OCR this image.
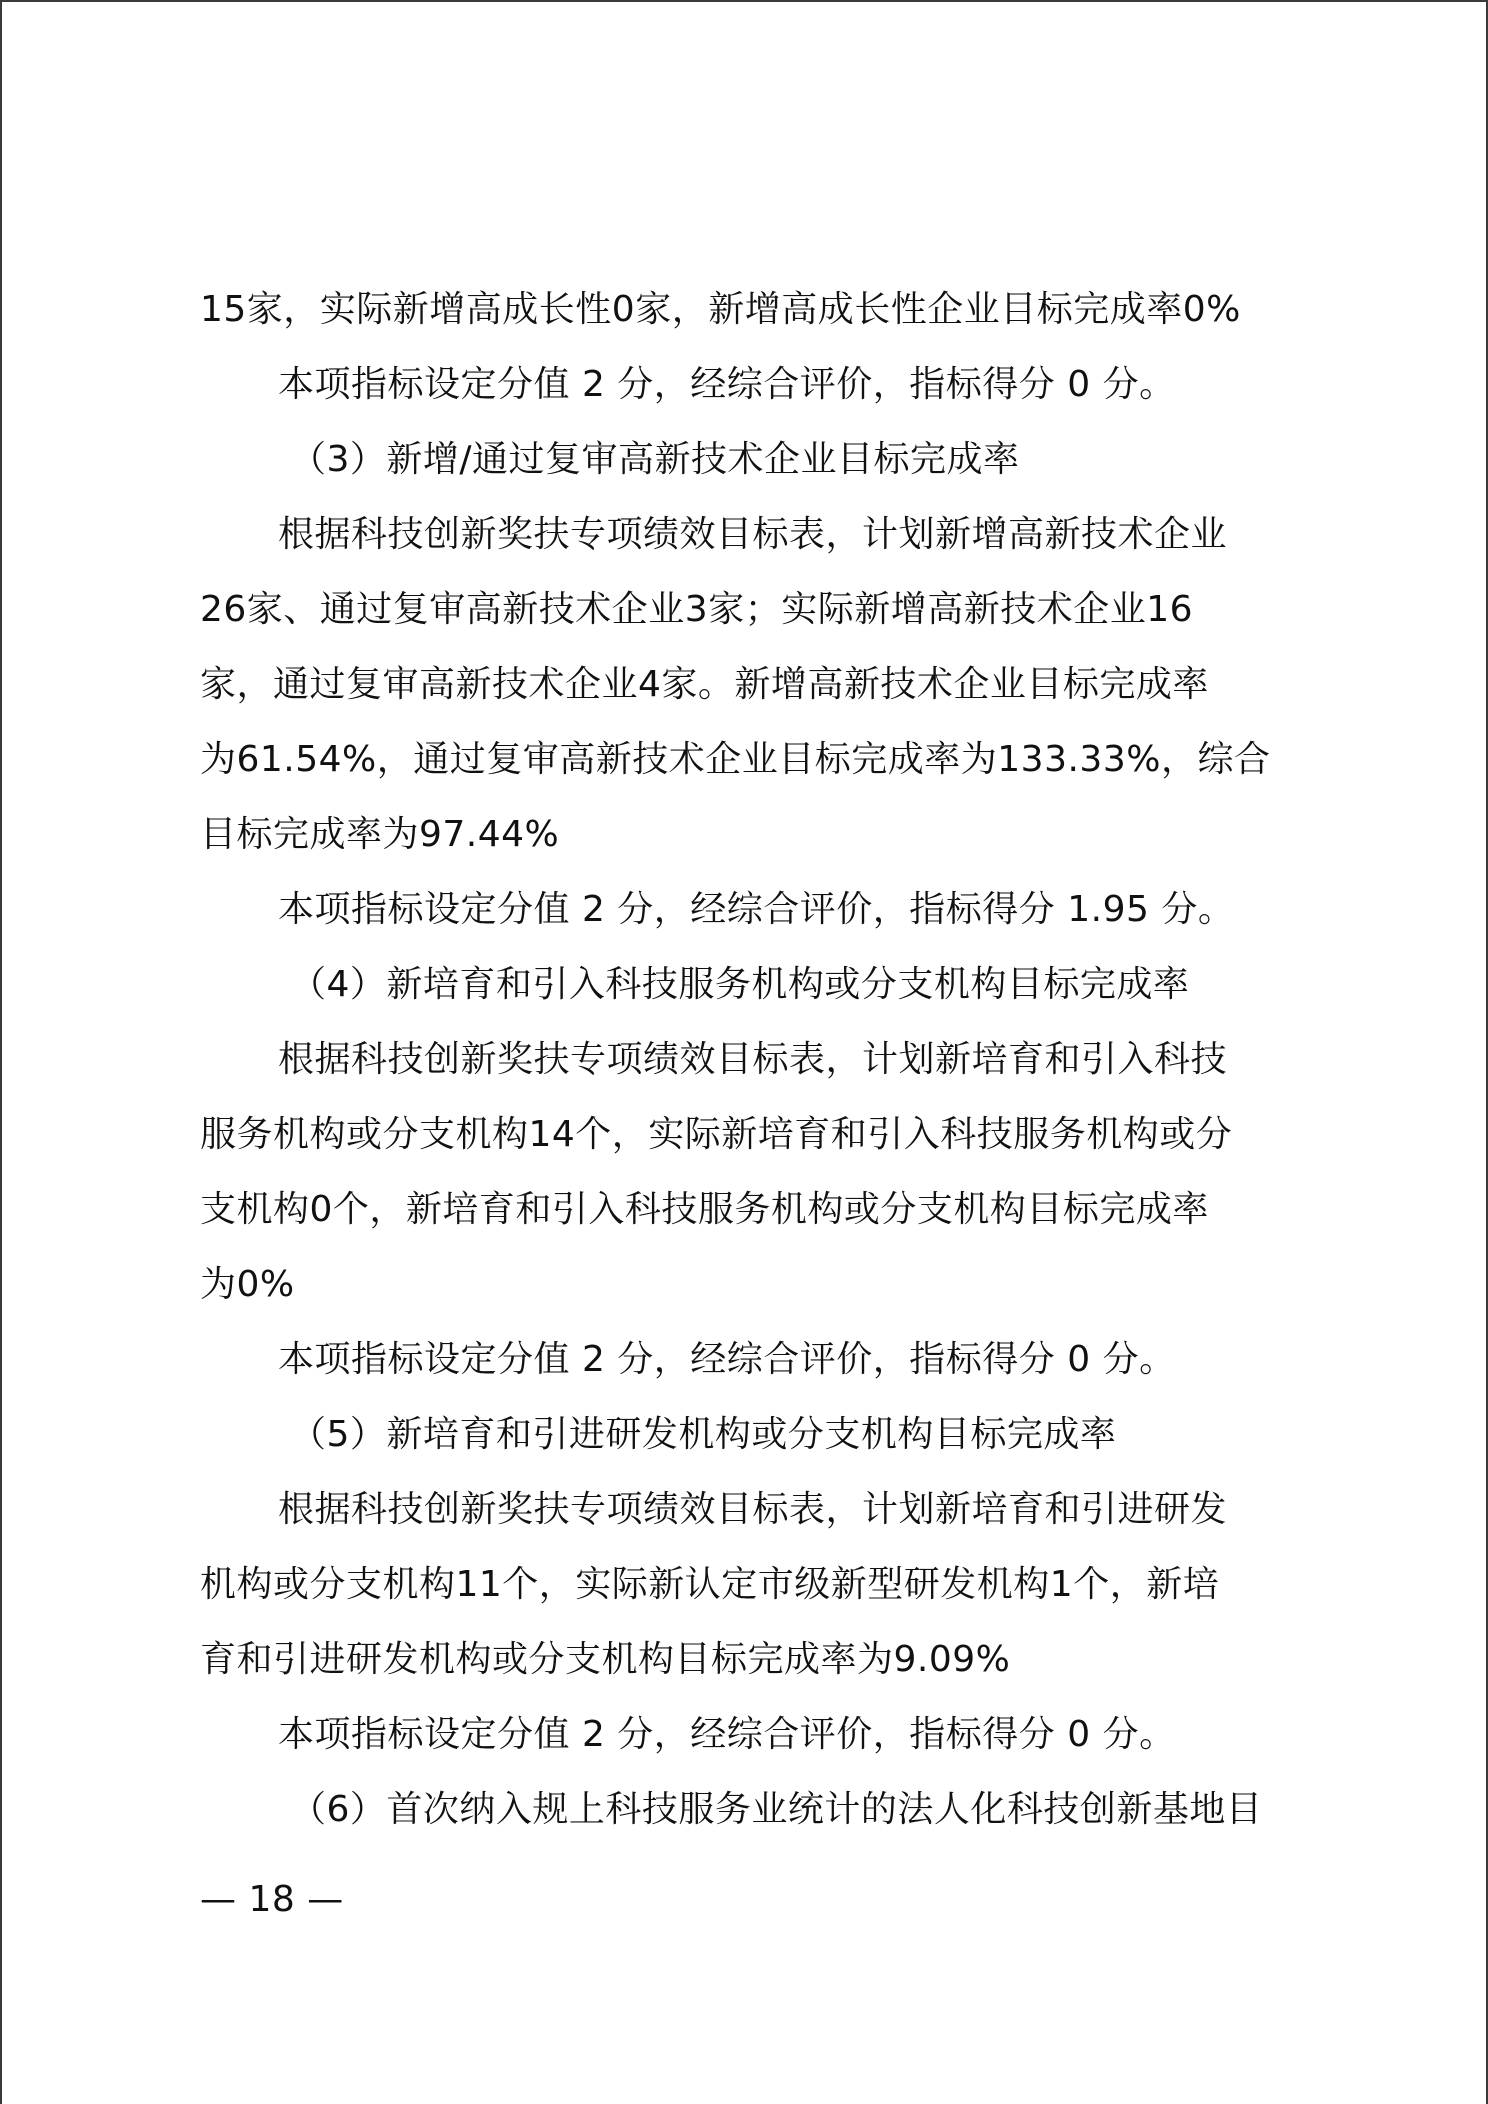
15家，实际新增高成长性0家，新增高成长性企业目标完成率0%
本项指标设定分值 2 分，经综合评价，指标得分 0 分。
（3）新增/通过复审高新技术企业目标完成率
根据科技创新奖扶专项绩效目标表，计划新增高新技术企业
26家、通过复审高新技术企业3家；实际新增高新技术企业16
家，通过复审高新技术企业4家。新增高新技术企业目标完成率
为61.54%，通过复审高新技术企业目标完成率为133.33%，综合
目标完成率为97.44%
本项指标设定分值 2 分，经综合评价，指标得分 1.95 分。
（4）新培育和引入科技服务机构或分支机构目标完成率
根据科技创新奖扶专项绩效目标表，计划新培育和引入科技
服务机构或分支机构14个，实际新培育和引入科技服务机构或分
支机构0个，新培育和引入科技服务机构或分支机构目标完成率
为0%
本项指标设定分值 2 分，经综合评价，指标得分 0 分。
（5）新培育和引进研发机构或分支机构目标完成率
根据科技创新奖扶专项绩效目标表，计划新培育和引进研发
机构或分支机构11个，实际新认定市级新型研发机构1个，新培
育和引进研发机构或分支机构目标完成率为9.09%
本项指标设定分值 2 分，经综合评价，指标得分 0 分。
（6）首次纳入规上科技服务业统计的法人化科技创新基地目
— 18 —
